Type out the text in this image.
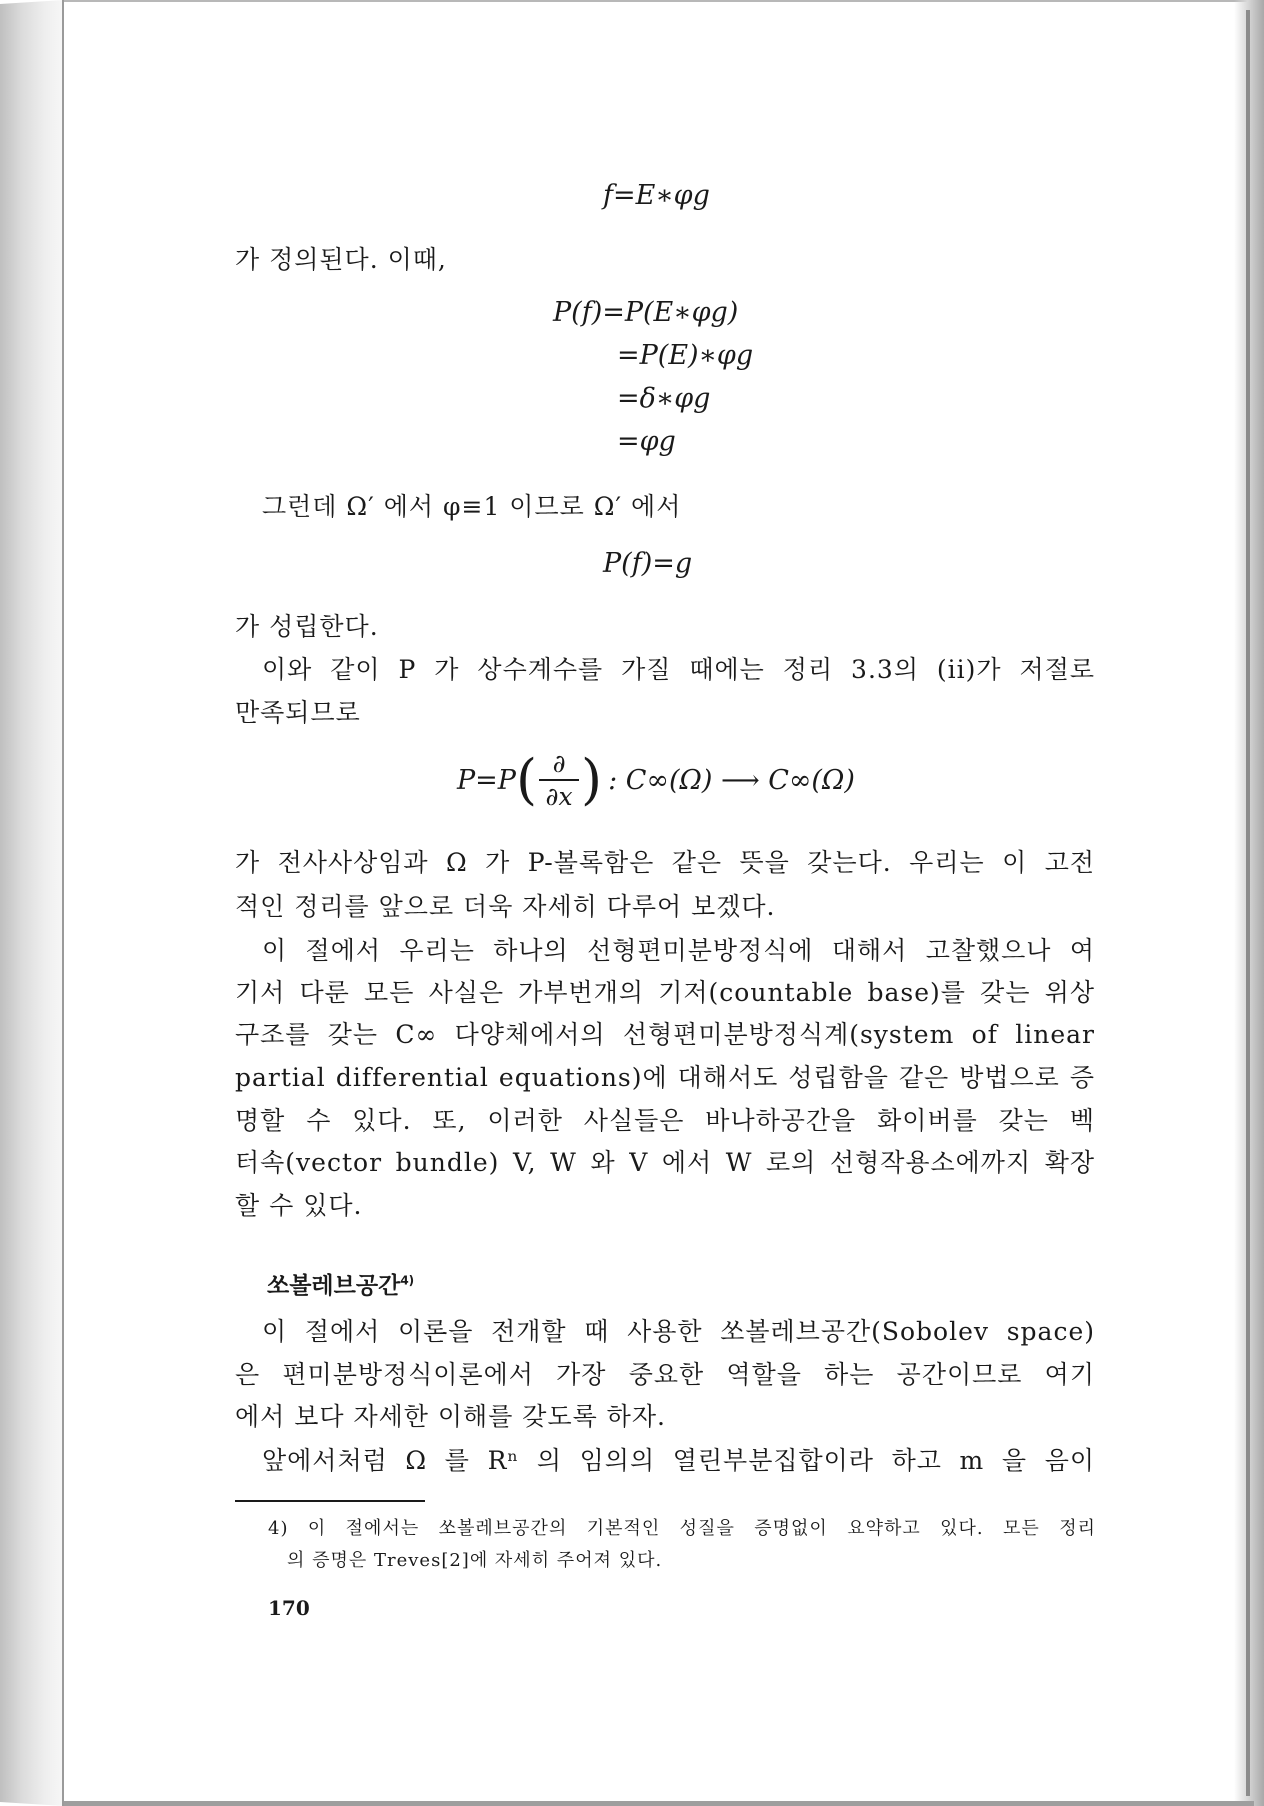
f=E∗φg
가 정의된다. 이때,
P(f)=P(E∗φg)
=P(E)∗φg
=δ∗φg
=φg
그런데 Ω′ 에서 φ≡1 이므로 Ω′ 에서
P(f)=g
가 성립한다.
이와 같이 P 가 상수계수를 가질 때에는 정리 3.3의 (ii)가 저절로
만족되므로
P=P ( $\frac{\partial}{\partial x}$ ) : C∞(Ω) ⟶ C∞(Ω)
가 전사사상임과 Ω 가 P-볼록함은 같은 뜻을 갖는다. 우리는 이 고전
적인 정리를 앞으로 더욱 자세히 다루어 보겠다.
이 절에서 우리는 하나의 선형편미분방정식에 대해서 고찰했으나 여
기서 다룬 모든 사실은 가부번개의 기저(countable base)를 갖는 위상
구조를 갖는 C∞ 다양체에서의 선형편미분방정식계(system of linear
partial differential equations)에 대해서도 성립함을 같은 방법으로 증
명할 수 있다. 또, 이러한 사실들은 바나하공간을 화이버를 갖는 벡
터속(vector bundle) V, W 와 V 에서 W 로의 선형작용소에까지 확장
할 수 있다.
쏘볼레브공간$^{4)}$
이 절에서 이론을 전개할 때 사용한 쏘볼레브공간(Sobolev space)
은 편미분방정식이론에서 가장 중요한 역할을 하는 공간이므로 여기
에서 보다 자세한 이해를 갖도록 하자.
앞에서처럼 Ω 를 Rⁿ 의 임의의 열린부분집합이라 하고 m 을 음이
4) 이 절에서는 쏘볼레브공간의 기본적인 성질을 증명없이 요약하고 있다. 모든 정리
의 증명은 Treves[2]에 자세히 주어져 있다.
170
